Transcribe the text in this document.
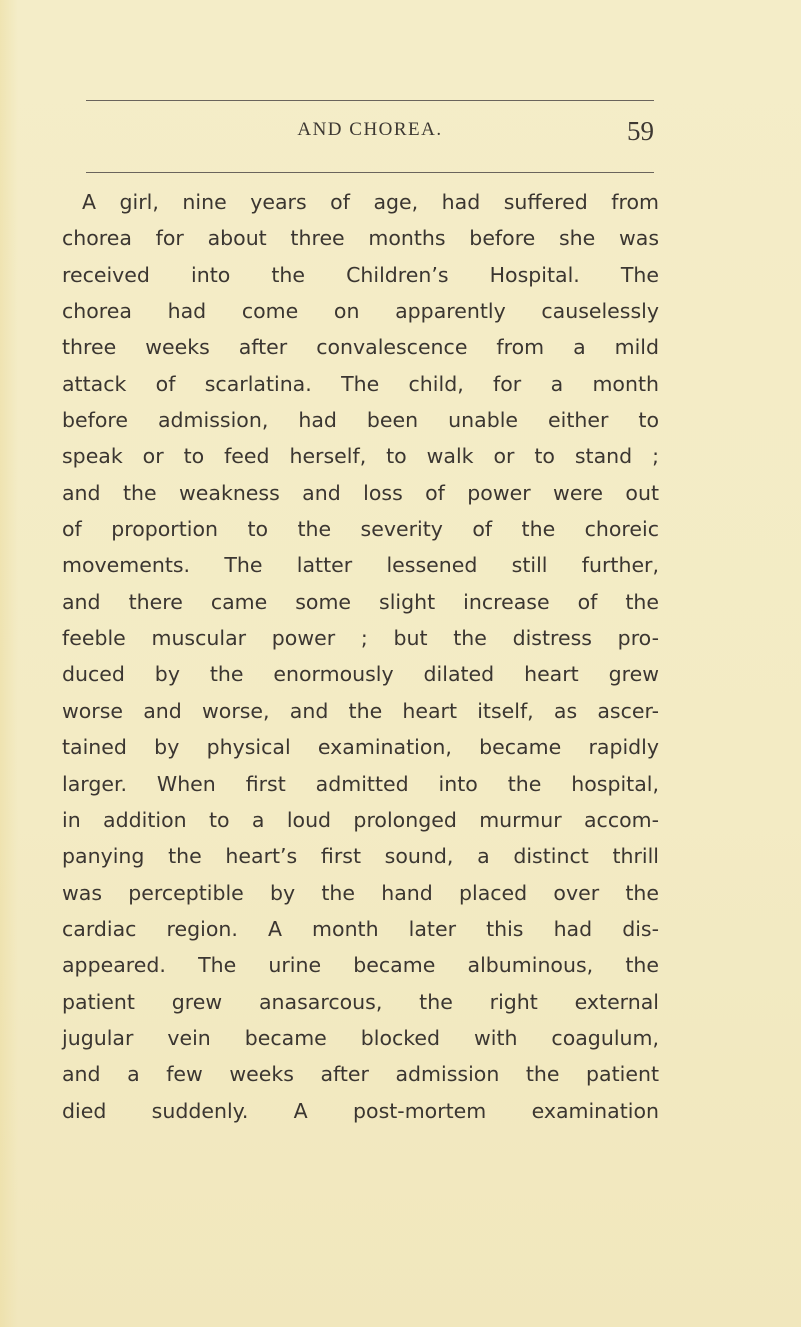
AND CHOREA.	59
A girl, nine years of age, had suffered from
chorea for about three months before she was
received into the Children’s Hospital. The
chorea had come on apparently causelessly
three weeks after convalescence from a mild
attack of scarlatina. The child, for a month
before admission, had been unable either to
speak or to feed herself, to walk or to stand ;
and the weakness and loss of power were out
of proportion to the severity of the choreic
movements. The latter lessened still further,
and there came some slight increase of the
feeble muscular power ; but the distress pro-
duced by the enormously dilated heart grew
worse and worse, and the heart itself, as ascer-
tained by physical examination, became rapidly
larger. When first admitted into the hospital,
in addition to a loud prolonged murmur accom-
panying the heart’s first sound, a distinct thrill
was perceptible by the hand placed over the
cardiac region. A month later this had dis-
appeared. The urine became albuminous, the
patient grew anasarcous, the right external
jugular vein became blocked with coagulum,
and a few weeks after admission the patient
died suddenly. A post-mortem examination
